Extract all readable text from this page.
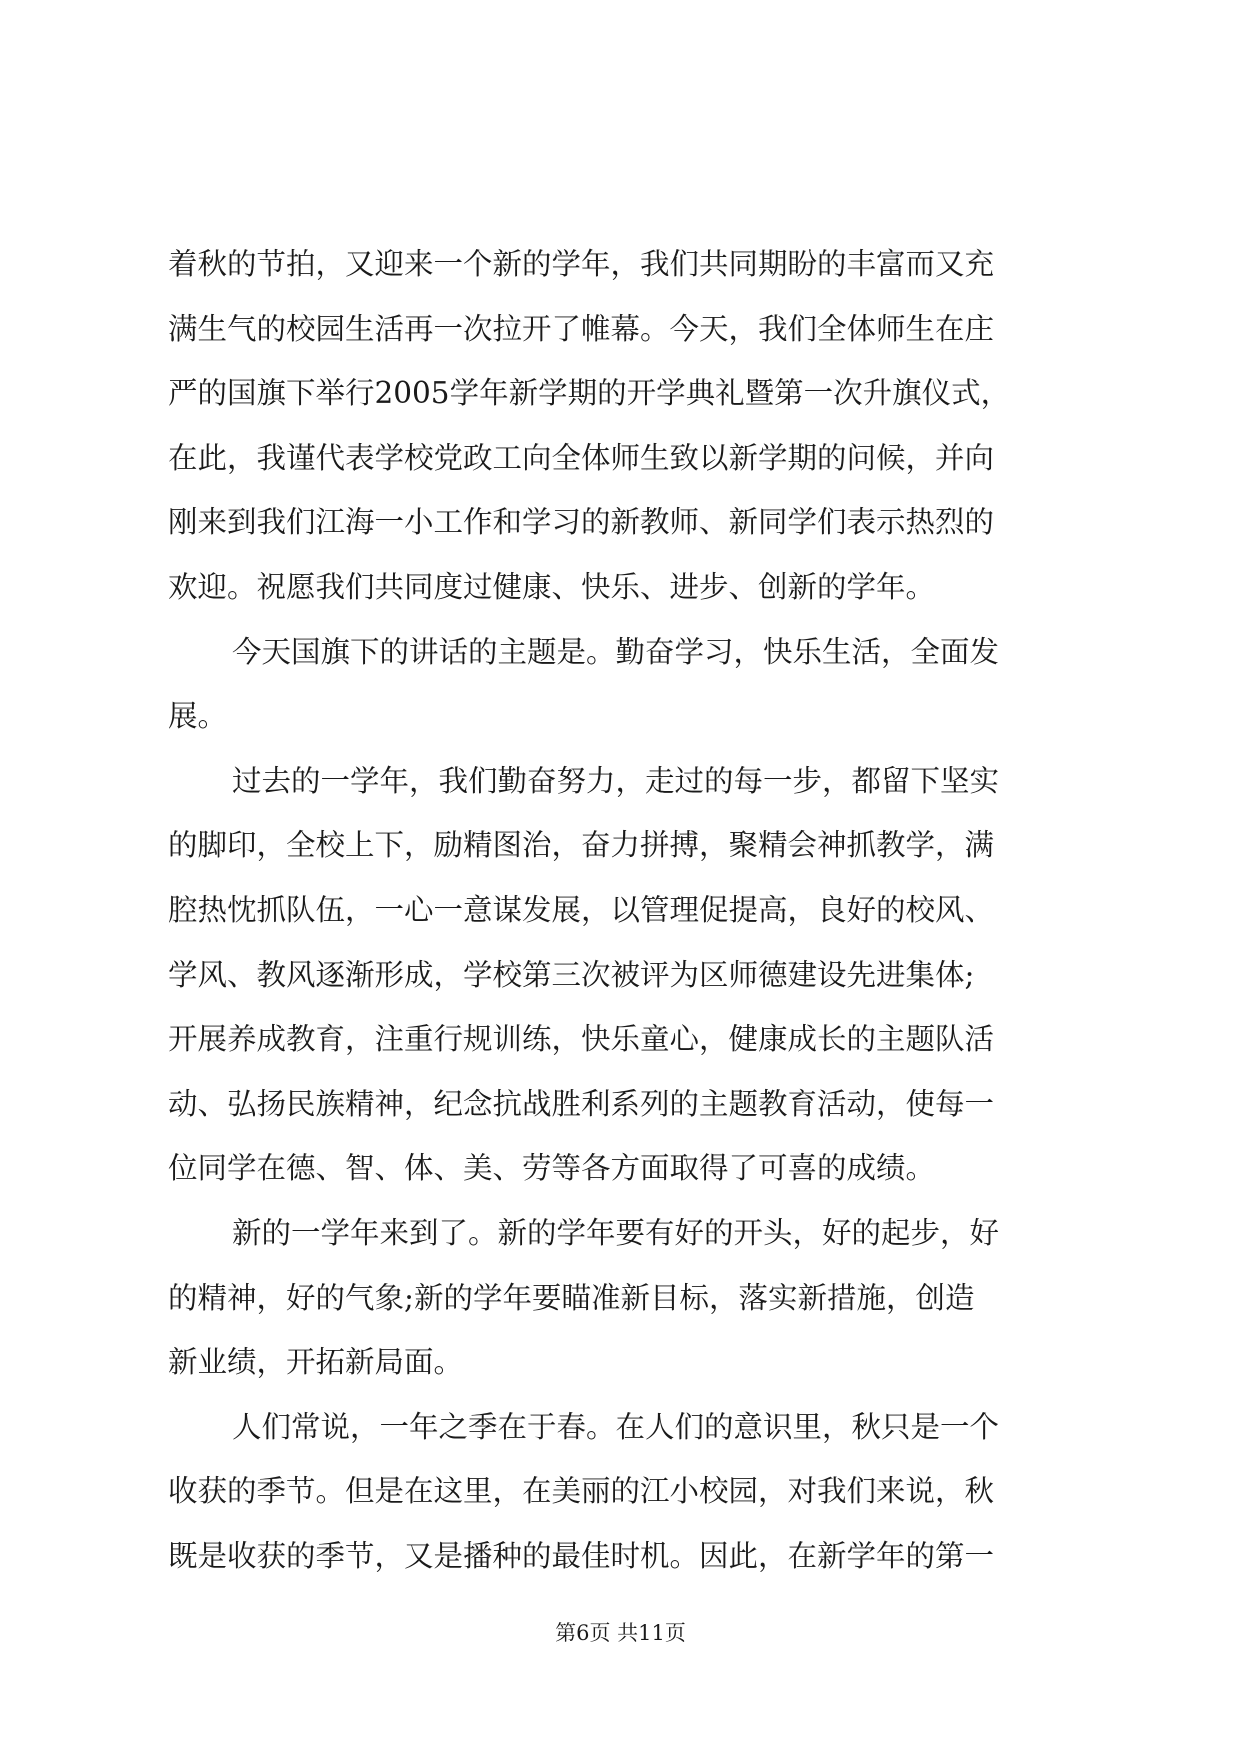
着秋的节拍，又迎来一个新的学年，我们共同期盼的丰富而又充
满生气的校园生活再一次拉开了帷幕。今天，我们全体师生在庄
严的国旗下举行2005学年新学期的开学典礼暨第一次升旗仪式，
在此，我谨代表学校党政工向全体师生致以新学期的问候，并向
刚来到我们江海一小工作和学习的新教师、新同学们表示热烈的
欢迎。祝愿我们共同度过健康、快乐、进步、创新的学年。
今天国旗下的讲话的主题是。勤奋学习，快乐生活，全面发
展。
过去的一学年，我们勤奋努力，走过的每一步，都留下坚实
的脚印，全校上下，励精图治，奋力拼搏，聚精会神抓教学，满
腔热忱抓队伍，一心一意谋发展，以管理促提高，良好的校风、
学风、教风逐渐形成，学校第三次被评为区师德建设先进集体;
开展养成教育，注重行规训练，快乐童心，健康成长的主题队活
动、弘扬民族精神，纪念抗战胜利系列的主题教育活动，使每一
位同学在德、智、体、美、劳等各方面取得了可喜的成绩。
新的一学年来到了。新的学年要有好的开头，好的起步，好
的精神，好的气象;新的学年要瞄准新目标，落实新措施，创造
新业绩，开拓新局面。
人们常说，一年之季在于春。在人们的意识里，秋只是一个
收获的季节。但是在这里，在美丽的江小校园，对我们来说，秋
既是收获的季节，又是播种的最佳时机。因此，在新学年的第一
第6页 共11页
